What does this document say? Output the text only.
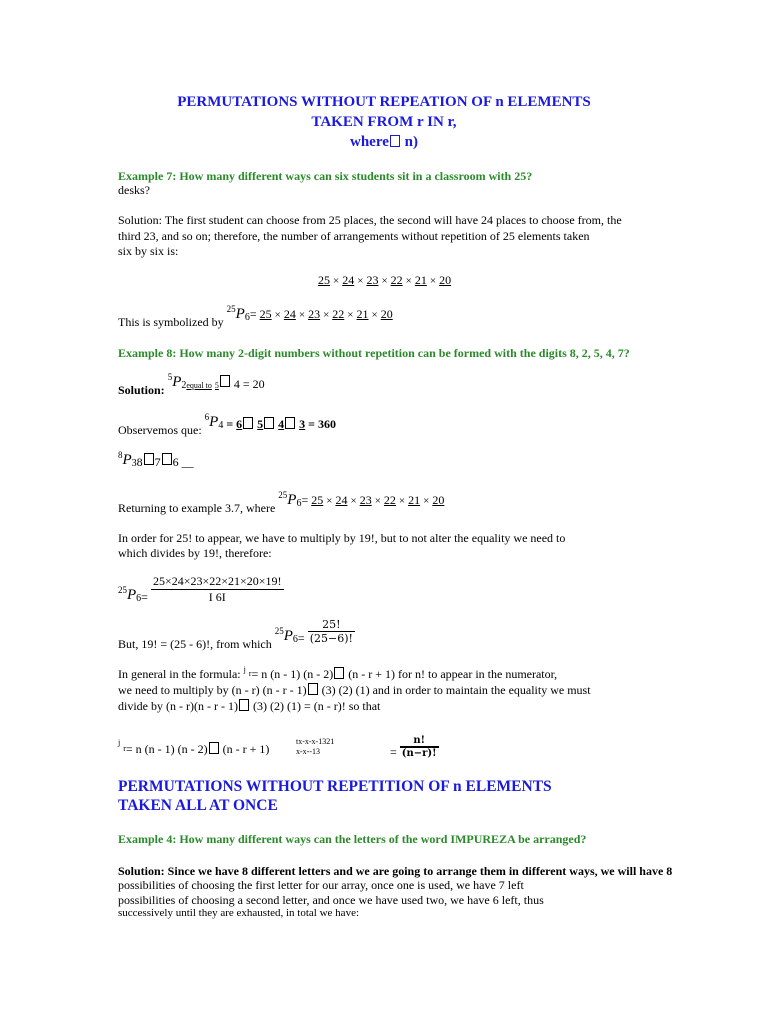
PERMUTATIONS WITHOUT REPEATION OF n ELEMENTS
TAKEN FROM r IN r,
where n)
Example 7: How many different ways can six students sit in a classroom with 25?
desks?
Solution: The first student can choose from 25 places, the second will have 24 places to choose from, the
third 23, and so on; therefore, the number of arrangements without repetition of 25 elements taken
six by six is:
25 × 24 × 23 × 22 × 21 × 20
This is symbolized by $^{25}$P6= 25 × 24 × 23 × 22 × 21 × 20
Example 8: How many 2-digit numbers without repetition can be formed with the digits 8, 2, 5, 4, 7?
Solution: $^5$P2equal to 5 4 = 20
Observemos que: $^6$P4 = 6 5 4 3 = 360
$^8$P38 7 6 __
Returning to example 3.7, where $^{25}$P6= 25 × 24 × 23 × 22 × 21 × 20
In order for 25! to appear, we have to multiply by 19!, but to not alter the equality we need to
which divides by 19!, therefore:
$^{25}P6= \frac{25\times 24\times 23\times 22\times 21\times 20\times 19!}{I 6I}$
But, 19! = (25 - 6)!, from which $^{25}P6= \frac{25!}{(25-6)!}$
In general in the formula: $^j$ r= n (n - 1) (n - 2) (n - r + 1) for n! to appear in the numerator,
we need to multiply by (n - r) (n - r - 1) (3) (2) (1) and in order to maintain the equality we must
divide by (n - r)(n - r - 1) (3) (2) (1) = (n - r)! so that
$^j$ r= n (n - 1) (n - 2) (n - r + 1)
tx-x-x-1321
x-x--13	= $\frac{n!}{(n-r)!}$
PERMUTATIONS WITHOUT REPETITION OF n ELEMENTS
TAKEN ALL AT ONCE
Example 4: How many different ways can the letters of the word IMPUREZA be arranged?
Solution: Since we have 8 different letters and we are going to arrange them in different ways, we will have 8
possibilities of choosing the first letter for our array, once one is used, we have 7 left
possibilities of choosing a second letter, and once we have used two, we have 6 left, thus
successively until they are exhausted, in total we have:
